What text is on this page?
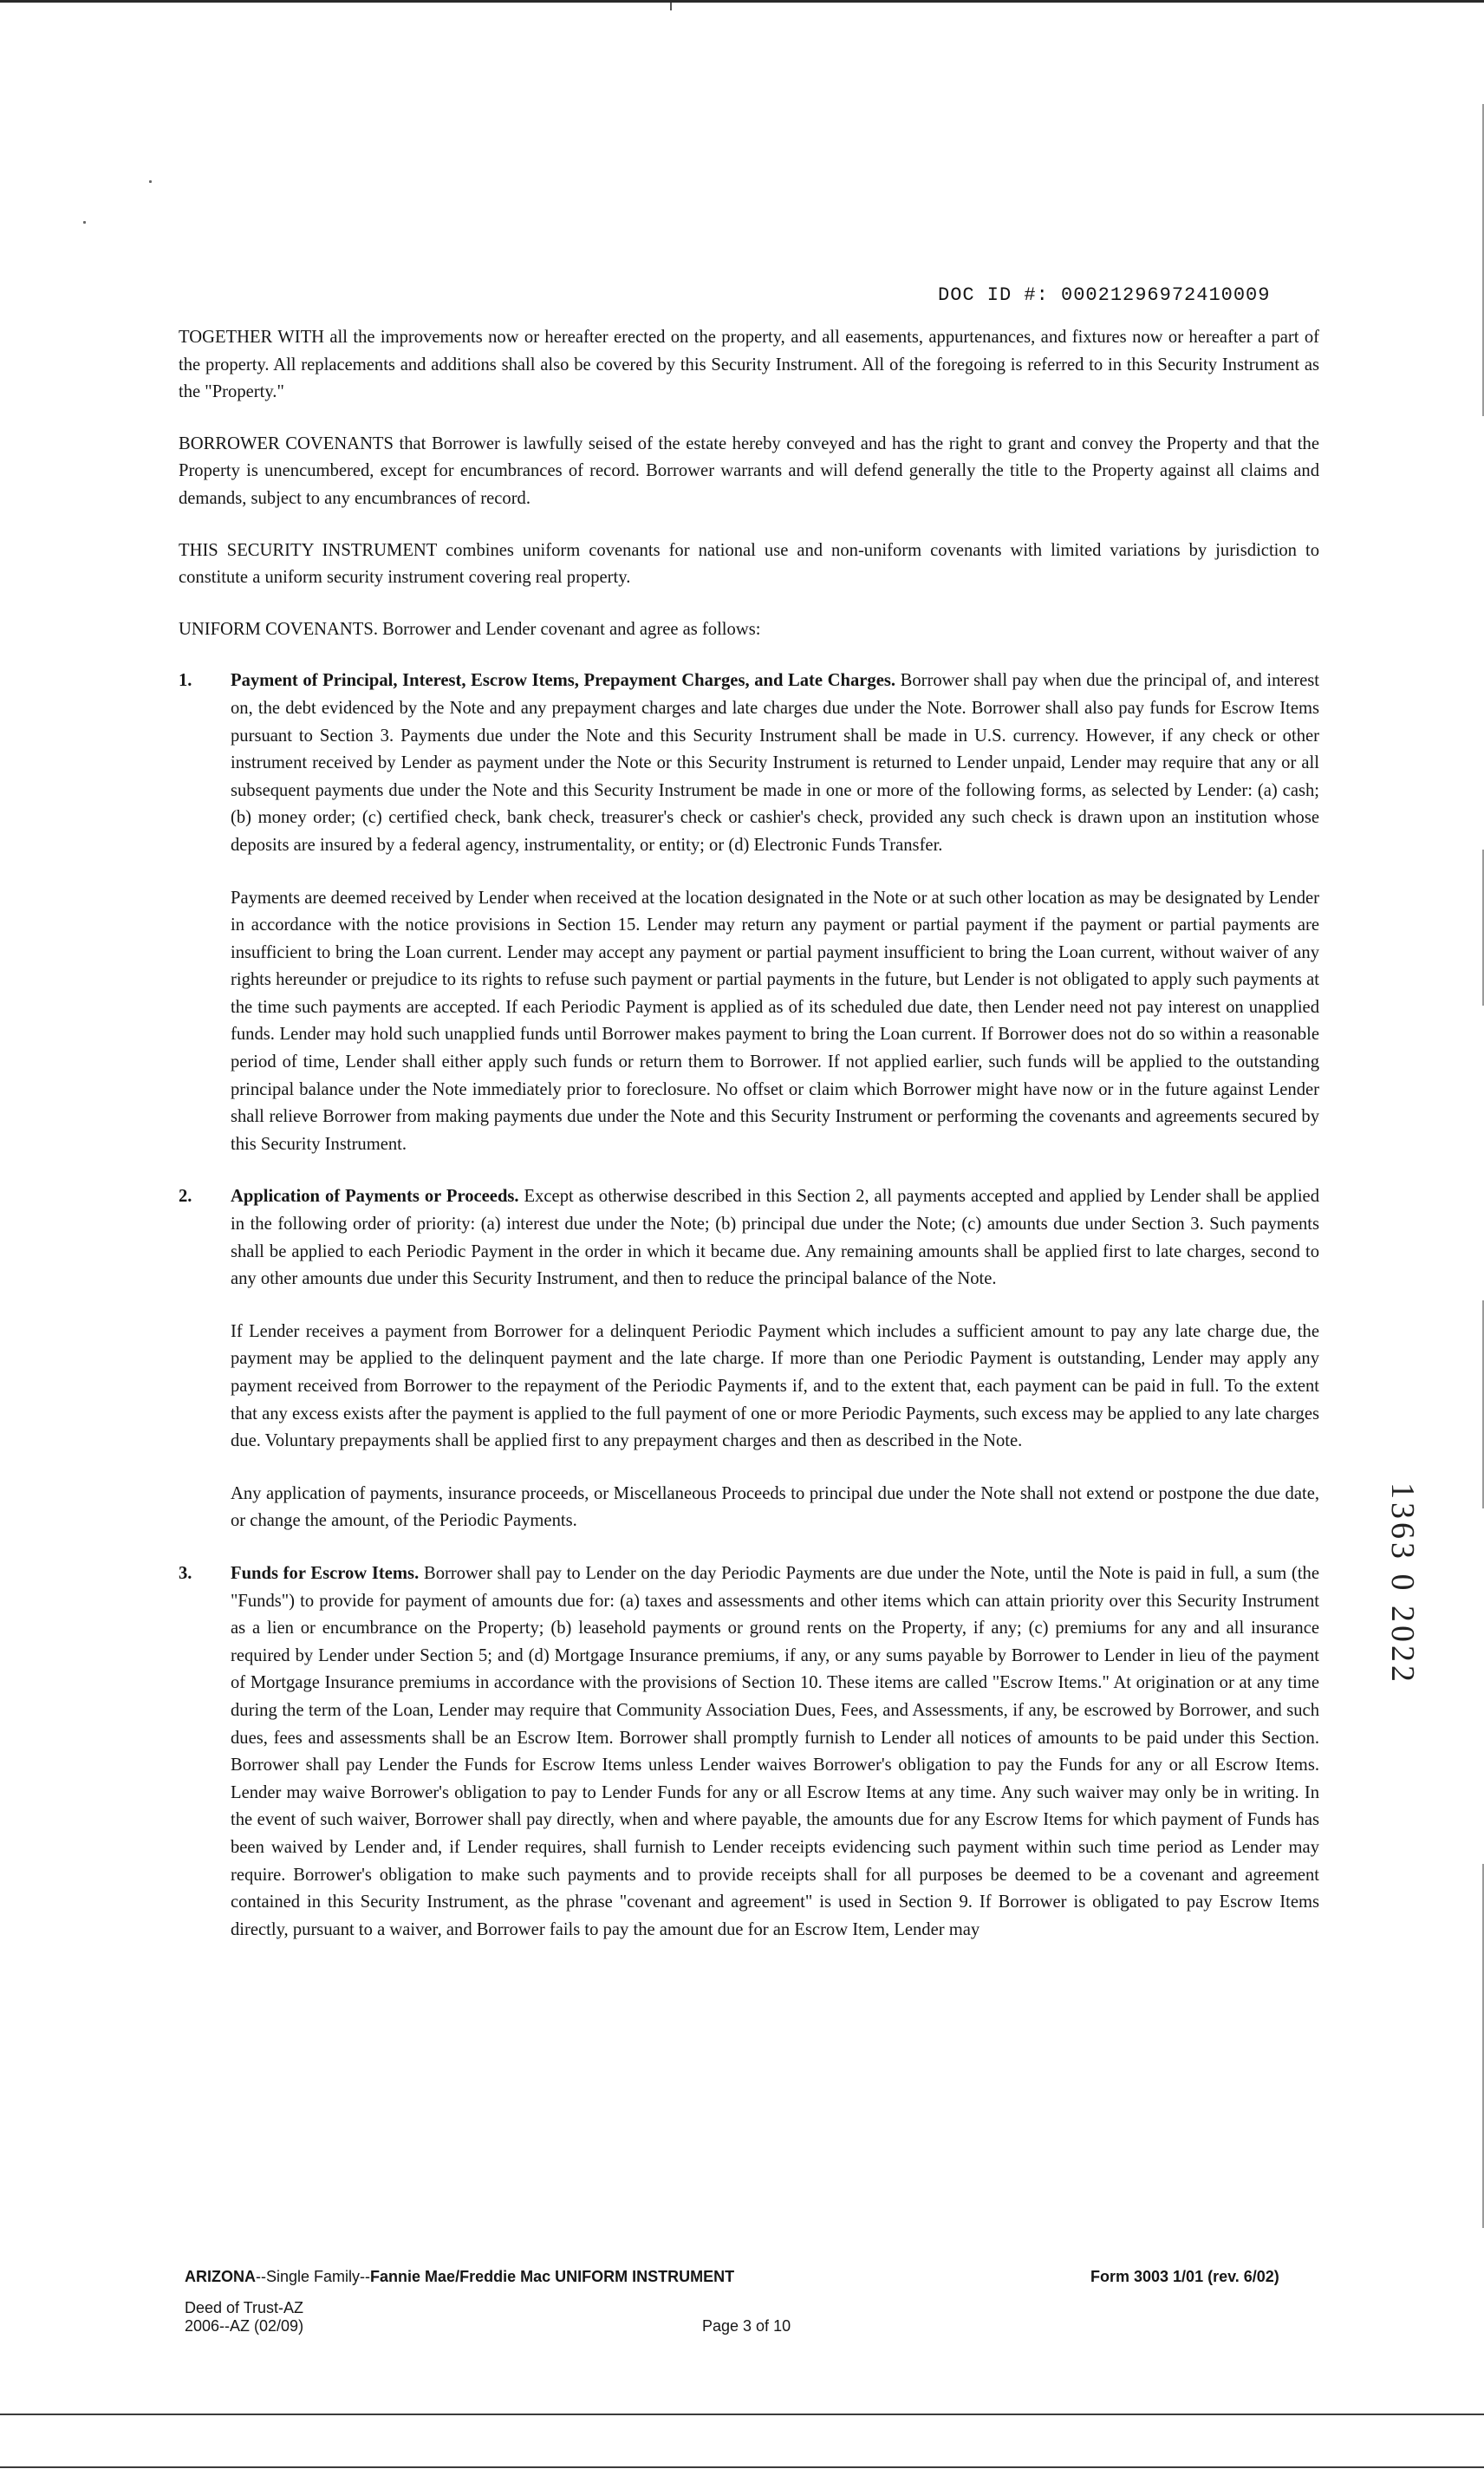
DOC ID #: 00021296972410009

TOGETHER WITH all the improvements now or hereafter erected on the property, and all easements, appurtenances, and fixtures now or hereafter a part of the property. All replacements and additions shall also be covered by this Security Instrument. All of the foregoing is referred to in this Security Instrument as the "Property."

BORROWER COVENANTS that Borrower is lawfully seised of the estate hereby conveyed and has the right to grant and convey the Property and that the Property is unencumbered, except for encumbrances of record. Borrower warrants and will defend generally the title to the Property against all claims and demands, subject to any encumbrances of record.

THIS SECURITY INSTRUMENT combines uniform covenants for national use and non-uniform covenants with limited variations by jurisdiction to constitute a uniform security instrument covering real property.

UNIFORM COVENANTS. Borrower and Lender covenant and agree as follows:

1. Payment of Principal, Interest, Escrow Items, Prepayment Charges, and Late Charges. Borrower shall pay when due the principal of, and interest on, the debt evidenced by the Note and any prepayment charges and late charges due under the Note. Borrower shall also pay funds for Escrow Items pursuant to Section 3. Payments due under the Note and this Security Instrument shall be made in U.S. currency. However, if any check or other instrument received by Lender as payment under the Note or this Security Instrument is returned to Lender unpaid, Lender may require that any or all subsequent payments due under the Note and this Security Instrument be made in one or more of the following forms, as selected by Lender: (a) cash; (b) money order; (c) certified check, bank check, treasurer's check or cashier's check, provided any such check is drawn upon an institution whose deposits are insured by a federal agency, instrumentality, or entity; or (d) Electronic Funds Transfer.

Payments are deemed received by Lender when received at the location designated in the Note or at such other location as may be designated by Lender in accordance with the notice provisions in Section 15. Lender may return any payment or partial payment if the payment or partial payments are insufficient to bring the Loan current. Lender may accept any payment or partial payment insufficient to bring the Loan current, without waiver of any rights hereunder or prejudice to its rights to refuse such payment or partial payments in the future, but Lender is not obligated to apply such payments at the time such payments are accepted. If each Periodic Payment is applied as of its scheduled due date, then Lender need not pay interest on unapplied funds. Lender may hold such unapplied funds until Borrower makes payment to bring the Loan current. If Borrower does not do so within a reasonable period of time, Lender shall either apply such funds or return them to Borrower. If not applied earlier, such funds will be applied to the outstanding principal balance under the Note immediately prior to foreclosure. No offset or claim which Borrower might have now or in the future against Lender shall relieve Borrower from making payments due under the Note and this Security Instrument or performing the covenants and agreements secured by this Security Instrument.

2. Application of Payments or Proceeds. Except as otherwise described in this Section 2, all payments accepted and applied by Lender shall be applied in the following order of priority: (a) interest due under the Note; (b) principal due under the Note; (c) amounts due under Section 3. Such payments shall be applied to each Periodic Payment in the order in which it became due. Any remaining amounts shall be applied first to late charges, second to any other amounts due under this Security Instrument, and then to reduce the principal balance of the Note.

If Lender receives a payment from Borrower for a delinquent Periodic Payment which includes a sufficient amount to pay any late charge due, the payment may be applied to the delinquent payment and the late charge. If more than one Periodic Payment is outstanding, Lender may apply any payment received from Borrower to the repayment of the Periodic Payments if, and to the extent that, each payment can be paid in full. To the extent that any excess exists after the payment is applied to the full payment of one or more Periodic Payments, such excess may be applied to any late charges due. Voluntary prepayments shall be applied first to any prepayment charges and then as described in the Note.

Any application of payments, insurance proceeds, or Miscellaneous Proceeds to principal due under the Note shall not extend or postpone the due date, or change the amount, of the Periodic Payments.

3. Funds for Escrow Items. Borrower shall pay to Lender on the day Periodic Payments are due under the Note, until the Note is paid in full, a sum (the "Funds") to provide for payment of amounts due for: (a) taxes and assessments and other items which can attain priority over this Security Instrument as a lien or encumbrance on the Property; (b) leasehold payments or ground rents on the Property, if any; (c) premiums for any and all insurance required by Lender under Section 5; and (d) Mortgage Insurance premiums, if any, or any sums payable by Borrower to Lender in lieu of the payment of Mortgage Insurance premiums in accordance with the provisions of Section 10. These items are called "Escrow Items." At origination or at any time during the term of the Loan, Lender may require that Community Association Dues, Fees, and Assessments, if any, be escrowed by Borrower, and such dues, fees and assessments shall be an Escrow Item. Borrower shall promptly furnish to Lender all notices of amounts to be paid under this Section. Borrower shall pay Lender the Funds for Escrow Items unless Lender waives Borrower's obligation to pay the Funds for any or all Escrow Items. Lender may waive Borrower's obligation to pay to Lender Funds for any or all Escrow Items at any time. Any such waiver may only be in writing. In the event of such waiver, Borrower shall pay directly, when and where payable, the amounts due for any Escrow Items for which payment of Funds has been waived by Lender and, if Lender requires, shall furnish to Lender receipts evidencing such payment within such time period as Lender may require. Borrower's obligation to make such payments and to provide receipts shall for all purposes be deemed to be a covenant and agreement contained in this Security Instrument, as the phrase "covenant and agreement" is used in Section 9. If Borrower is obligated to pay Escrow Items directly, pursuant to a waiver, and Borrower fails to pay the amount due for an Escrow Item, Lender may

1363 0 2022
ARIZONA--Single Family--Fannie Mae/Freddie Mac UNIFORM INSTRUMENT	Form 3003 1/01 (rev. 6/02)
Deed of Trust-AZ
2006--AZ (02/09)	Page 3 of 10
